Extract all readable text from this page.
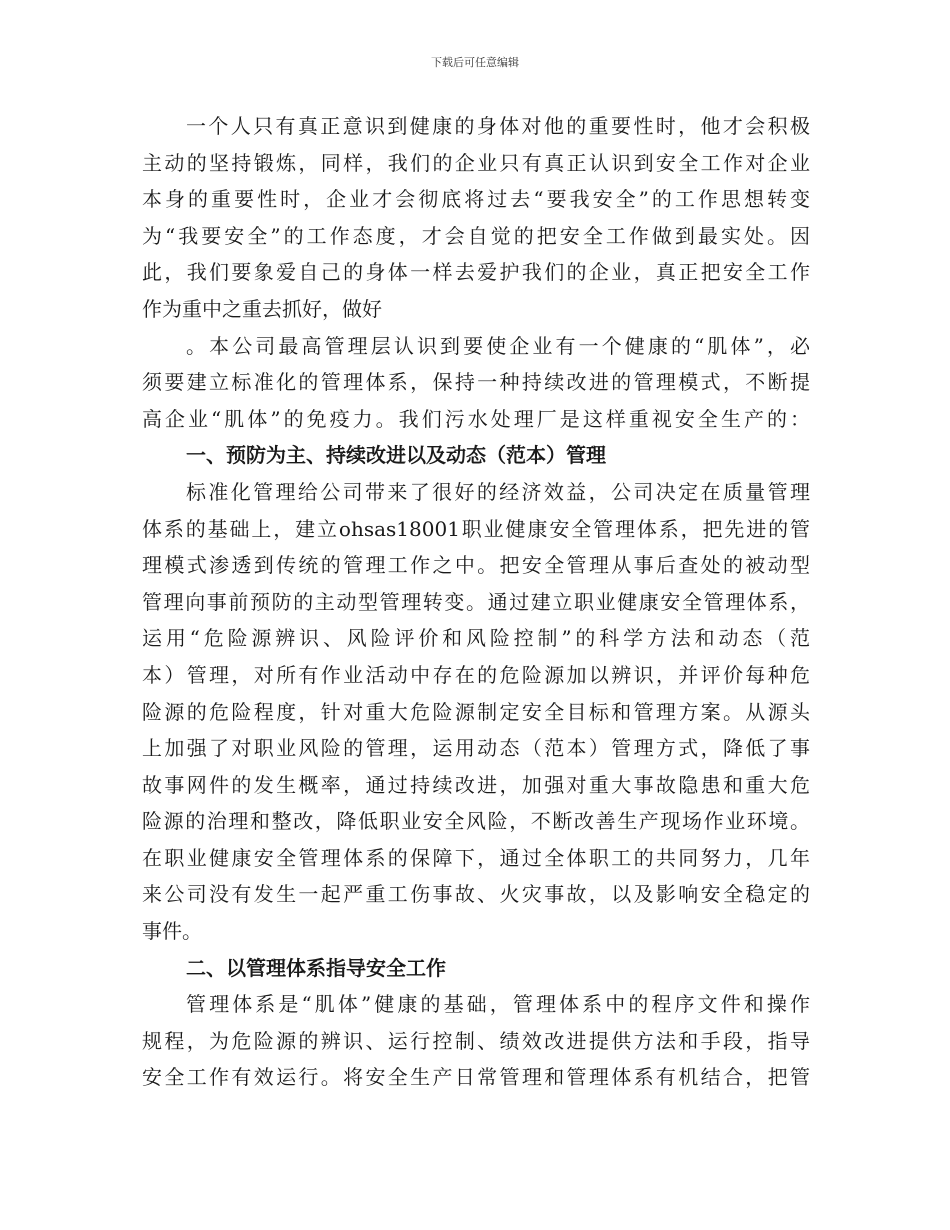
下载后可任意编辑
一个人只有真正意识到健康的身体对他的重要性时，他才会积极
主动的坚持锻炼，同样，我们的企业只有真正认识到安全工作对企业
本身的重要性时，企业才会彻底将过去“要我安全”的工作思想转变
为“我要安全”的工作态度，才会自觉的把安全工作做到最实处。因
此，我们要象爱自己的身体一样去爱护我们的企业，真正把安全工作
作为重中之重去抓好，做好
。本公司最高管理层认识到要使企业有一个健康的“肌体”，必
须要建立标准化的管理体系，保持一种持续改进的管理模式，不断提
高企业“肌体”的免疫力。我们污水处理厂是这样重视安全生产的：
一、预防为主、持续改进以及动态（范本）管理
标准化管理给公司带来了很好的经济效益，公司决定在质量管理
体系的基础上，建立ohsas18001职业健康安全管理体系，把先进的管
理模式渗透到传统的管理工作之中。把安全管理从事后查处的被动型
管理向事前预防的主动型管理转变。通过建立职业健康安全管理体系，
运用“危险源辨识、风险评价和风险控制”的科学方法和动态（范
本）管理，对所有作业活动中存在的危险源加以辨识，并评价每种危
险源的危险程度，针对重大危险源制定安全目标和管理方案。从源头
上加强了对职业风险的管理，运用动态（范本）管理方式，降低了事
故事网件的发生概率，通过持续改进，加强对重大事故隐患和重大危
险源的治理和整改，降低职业安全风险，不断改善生产现场作业环境。
在职业健康安全管理体系的保障下，通过全体职工的共同努力，几年
来公司没有发生一起严重工伤事故、火灾事故，以及影响安全稳定的
事件。
二、以管理体系指导安全工作
管理体系是“肌体”健康的基础，管理体系中的程序文件和操作
规程，为危险源的辨识、运行控制、绩效改进提供方法和手段，指导
安全工作有效运行。将安全生产日常管理和管理体系有机结合，把管
